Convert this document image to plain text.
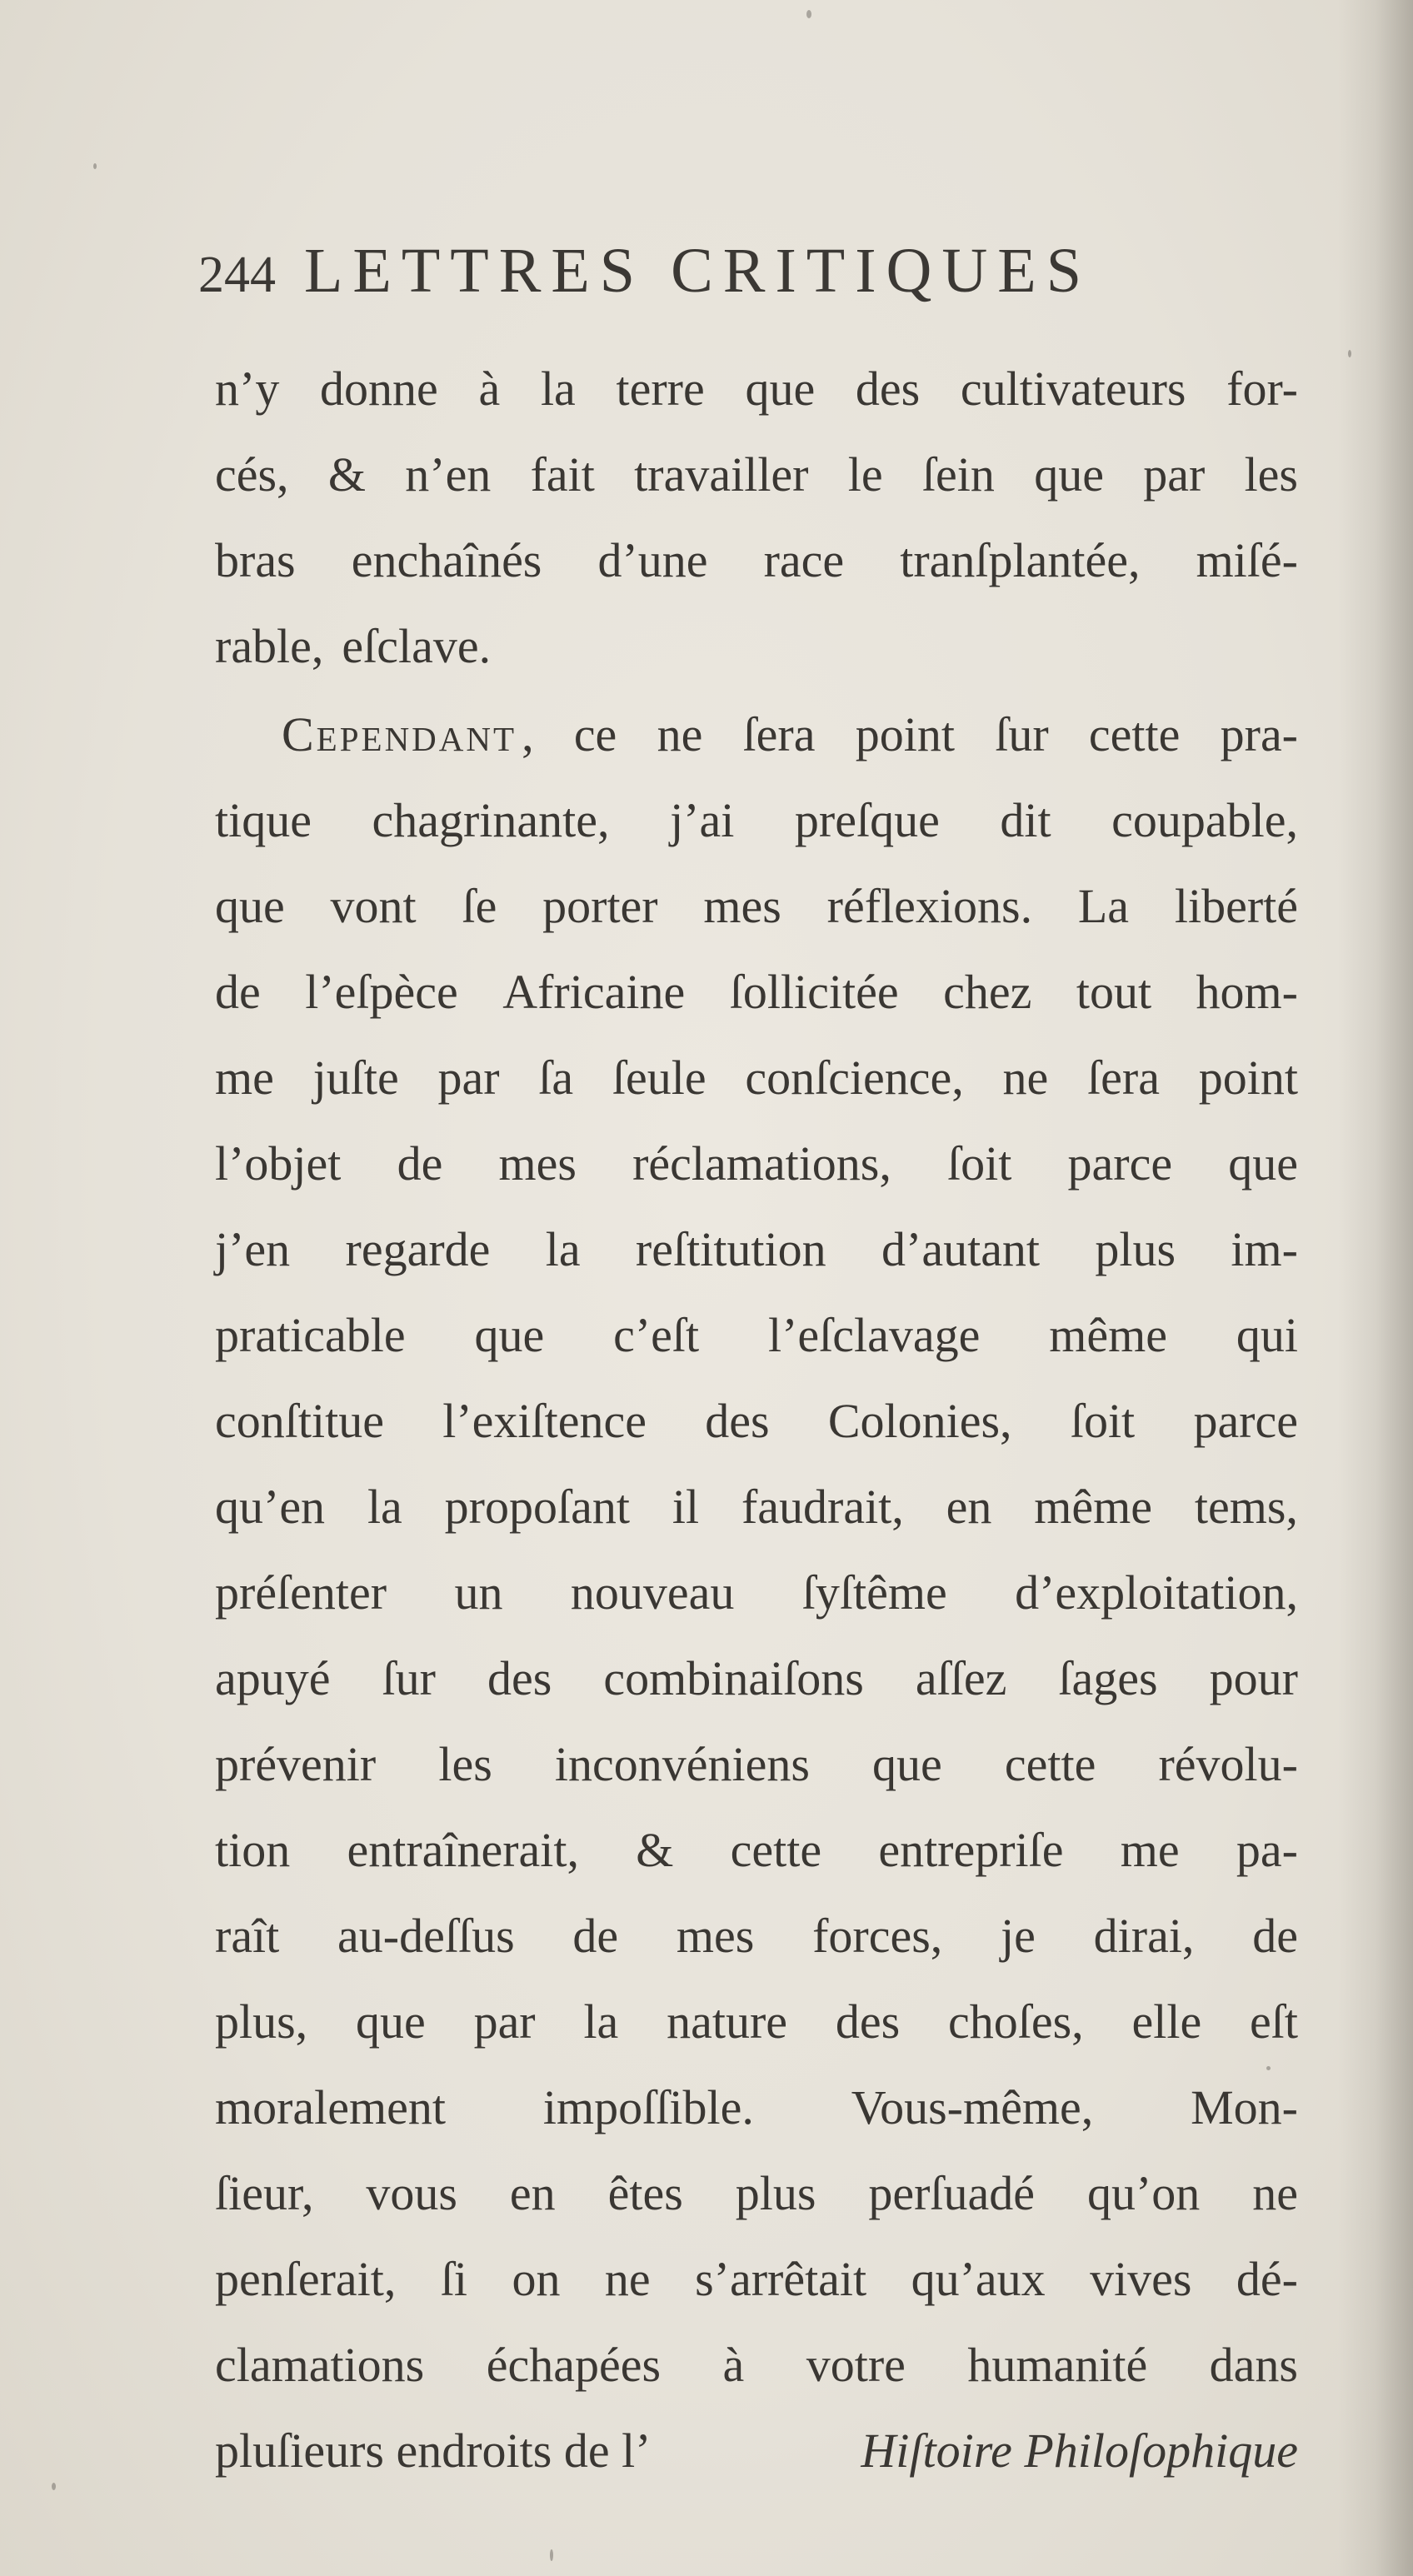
244 LETTRES CRITIQUES
n’y donne à la terre que des cultivateurs for-
cés, & n’en fait travailler le ſein que par les
bras enchaînés d’une race tranſplantée, miſé-
rable, eſclave.
Cependant , ce ne ſera point ſur cette pra-
tique chagrinante, j’ai preſque dit coupable,
que vont ſe porter mes réflexions. La liberté
de l’eſpèce Africaine ſollicitée chez tout hom-
me juſte par ſa ſeule conſcience, ne ſera point
l’objet de mes réclamations, ſoit parce que
j’en regarde la reſtitution d’autant plus im-
praticable que c’eſt l’eſclavage même qui
conſtitue l’exiſtence des Colonies, ſoit parce
qu’en la propoſant il faudrait, en même tems,
préſenter un nouveau ſyſtême d’exploitation,
apuyé ſur des combinaiſons aſſez ſages pour
prévenir les inconvéniens que cette révolu-
tion entraînerait, & cette entrepriſe me pa-
raît au-deſſus de mes forces, je dirai, de
plus, que par la nature des choſes, elle eſt
moralement impoſſible. Vous-même, Mon-
ſieur, vous en êtes plus perſuadé qu’on ne
penſerait, ſi on ne s’arrêtait qu’aux vives dé-
clamations échapées à votre humanité dans
pluſieurs endroits de l’	Hiſtoire Philoſophique
